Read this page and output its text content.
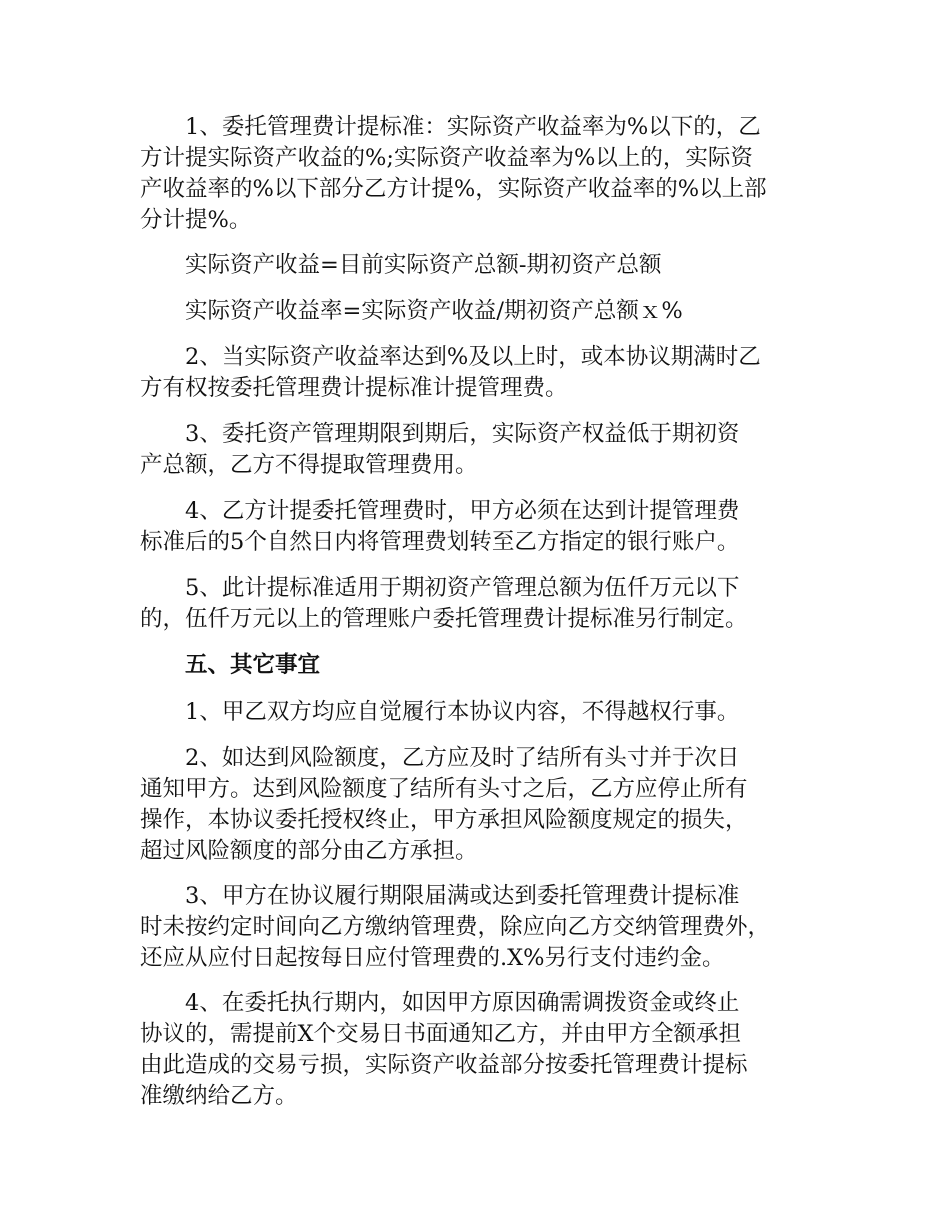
1、委托管理费计提标准：实际资产收益率为%以下的，乙
方计提实际资产收益的%;实际资产收益率为%以上的，实际资
产收益率的%以下部分乙方计提%，实际资产收益率的%以上部
分计提%。
实际资产收益=目前实际资产总额-期初资产总额
实际资产收益率=实际资产收益/期初资产总额ｘ%
2、当实际资产收益率达到%及以上时，或本协议期满时乙
方有权按委托管理费计提标准计提管理费。
3、委托资产管理期限到期后，实际资产权益低于期初资
产总额，乙方不得提取管理费用。
4、乙方计提委托管理费时，甲方必须在达到计提管理费
标准后的5个自然日内将管理费划转至乙方指定的银行账户。
5、此计提标准适用于期初资产管理总额为伍仟万元以下
的，伍仟万元以上的管理账户委托管理费计提标准另行制定。
五、其它事宜
1、甲乙双方均应自觉履行本协议内容，不得越权行事。
2、如达到风险额度，乙方应及时了结所有头寸并于次日
通知甲方。达到风险额度了结所有头寸之后，乙方应停止所有
操作，本协议委托授权终止，甲方承担风险额度规定的损失，
超过风险额度的部分由乙方承担。
3、甲方在协议履行期限届满或达到委托管理费计提标准
时未按约定时间向乙方缴纳管理费，除应向乙方交纳管理费外，
还应从应付日起按每日应付管理费的.X%另行支付违约金。
4、在委托执行期内，如因甲方原因确需调拨资金或终止
协议的，需提前X个交易日书面通知乙方，并由甲方全额承担
由此造成的交易亏损，实际资产收益部分按委托管理费计提标
准缴纳给乙方。
